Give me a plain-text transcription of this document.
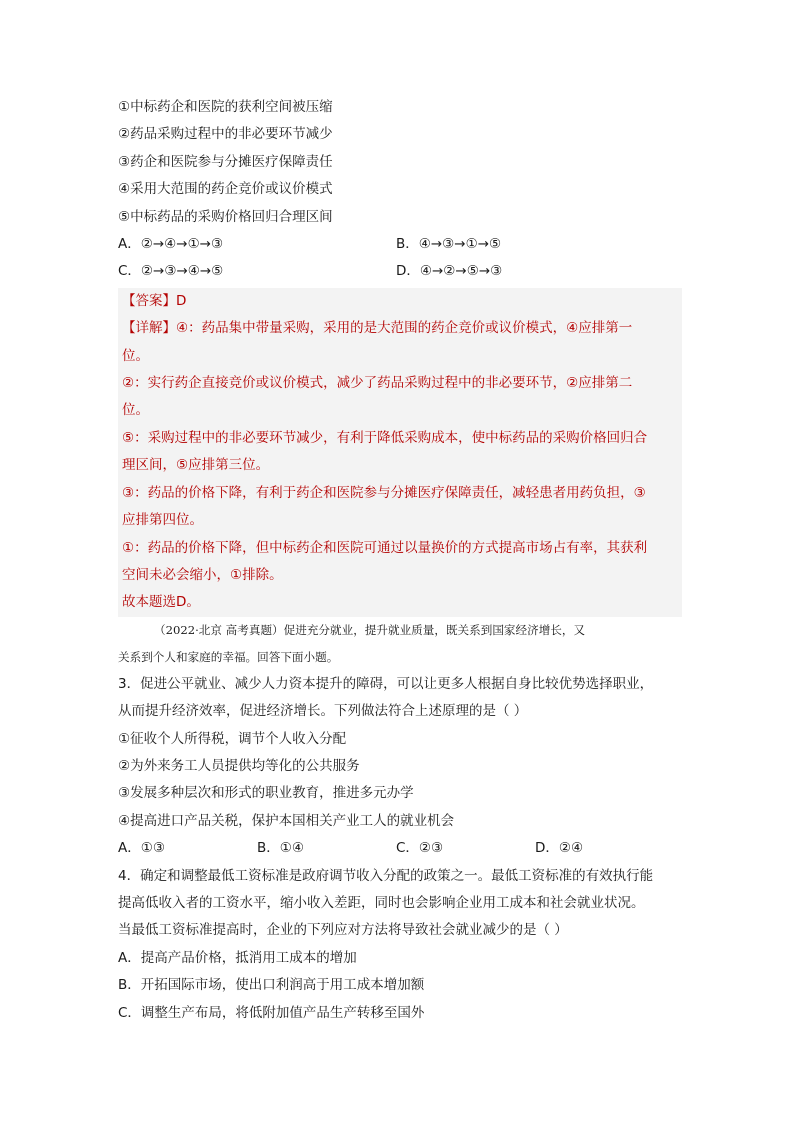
①中标药企和医院的获利空间被压缩
②药品采购过程中的非必要环节减少
③药企和医院参与分摊医疗保障责任
④采用大范围的药企竞价或议价模式
⑤中标药品的采购价格回归合理区间
A．②→④→①→③	B．④→③→①→⑤
C．②→③→④→⑤	D．④→②→⑤→③
【答案】D
【详解】④：药品集中带量采购，采用的是大范围的药企竞价或议价模式，④应排第一
位。
②：实行药企直接竞价或议价模式，减少了药品采购过程中的非必要环节，②应排第二
位。
⑤：采购过程中的非必要环节减少，有利于降低采购成本，使中标药品的采购价格回归合
理区间，⑤应排第三位。
③：药品的价格下降，有利于药企和医院参与分摊医疗保障责任，减轻患者用药负担，③
应排第四位。
①：药品的价格下降，但中标药企和医院可通过以量换价的方式提高市场占有率，其获利
空间未必会缩小，①排除。
故本题选D。
（2022·北京 高考真题）促进充分就业，提升就业质量，既关系到国家经济增长，又
关系到个人和家庭的幸福。回答下面小题。
3．促进公平就业、减少人力资本提升的障碍，可以让更多人根据自身比较优势选择职业，
从而提升经济效率，促进经济增长。下列做法符合上述原理的是（ ）
①征收个人所得税，调节个人收入分配
②为外来务工人员提供均等化的公共服务
③发展多种层次和形式的职业教育，推进多元办学
④提高进口产品关税，保护本国相关产业工人的就业机会
A．①③	B．①④	C．②③	D．②④
4．确定和调整最低工资标准是政府调节收入分配的政策之一。最低工资标准的有效执行能
提高低收入者的工资水平，缩小收入差距，同时也会影响企业用工成本和社会就业状况。
当最低工资标准提高时，企业的下列应对方法将导致社会就业减少的是（ ）
A．提高产品价格，抵消用工成本的增加
B．开拓国际市场，使出口利润高于用工成本增加额
C．调整生产布局，将低附加值产品生产转移至国外
